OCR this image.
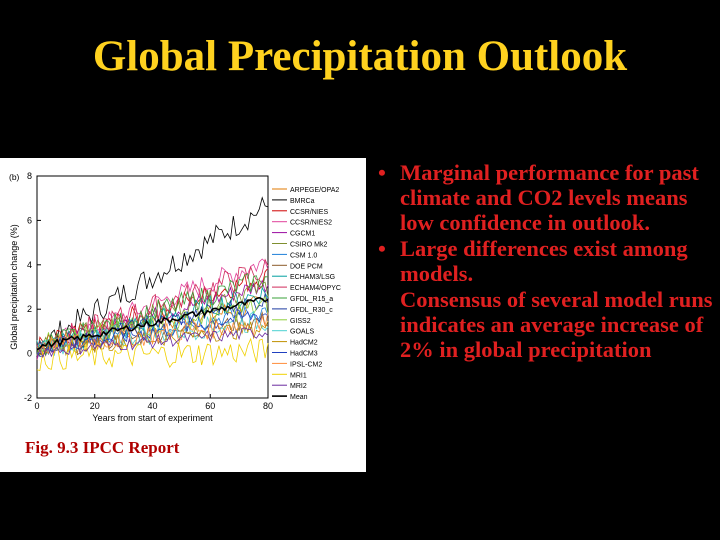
Global Precipitation Outlook
0	20	40	60	80
-2
0
2
4
6
8
Years from start of experiment
Global precipitation change (%)
(b)
ARPEGE/OPA2
BMRCa
CCSR/NIES
CCSR/NIES2
CGCM1
CSIRO Mk2
CSM 1.0
DOE PCM
ECHAM3/LSG
ECHAM4/OPYC
GFDL_R15_a
GFDL_R30_c
GISS2
GOALS
HadCM2
HadCM3
IPSL-CM2
MRI1
MRI2
Mean
Fig. 9.3 IPCC Report
• Marginal performance for past climate and CO2 levels means low confidence in outlook.
• Large differences exist among models.
Consensus of several model runs indicates an average increase of 2% in global precipitation
